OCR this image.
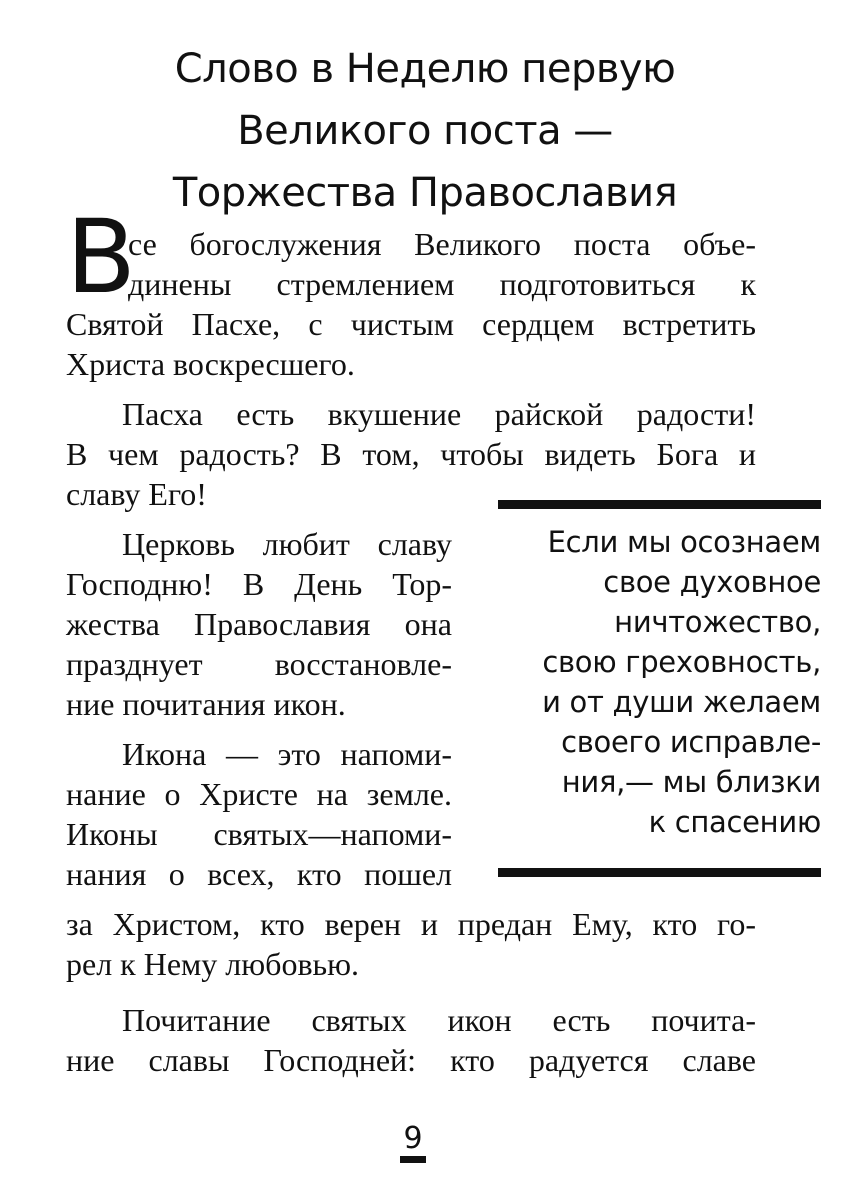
Слово в Неделю первую
Великого поста —
Торжества Православия
В
се богослужения Великого поста объе-
динены стремлением подготовиться к
Святой Пасхе, с чистым сердцем встретить
Христа воскресшего.
Пасха есть вкушение райской радости!
В чем радость? В том, чтобы видеть Бога и
славу Его!
Церковь любит славу
Господню! В День Тор-
жества Православия она
празднует восстановле-
ние почитания икон.
Икона — это напоми-
нание о Христе на земле.
Иконы святых—напоми-
нания о всех, кто пошел
за Христом, кто верен и предан Ему, кто го-
рел к Нему любовью.
Почитание святых икон есть почита-
ние славы Господней: кто радуется славе
Если мы осознаем
свое духовное
ничтожество,
свою греховность,
и от души желаем
своего исправле-
ния,— мы близки
к спасению
9
